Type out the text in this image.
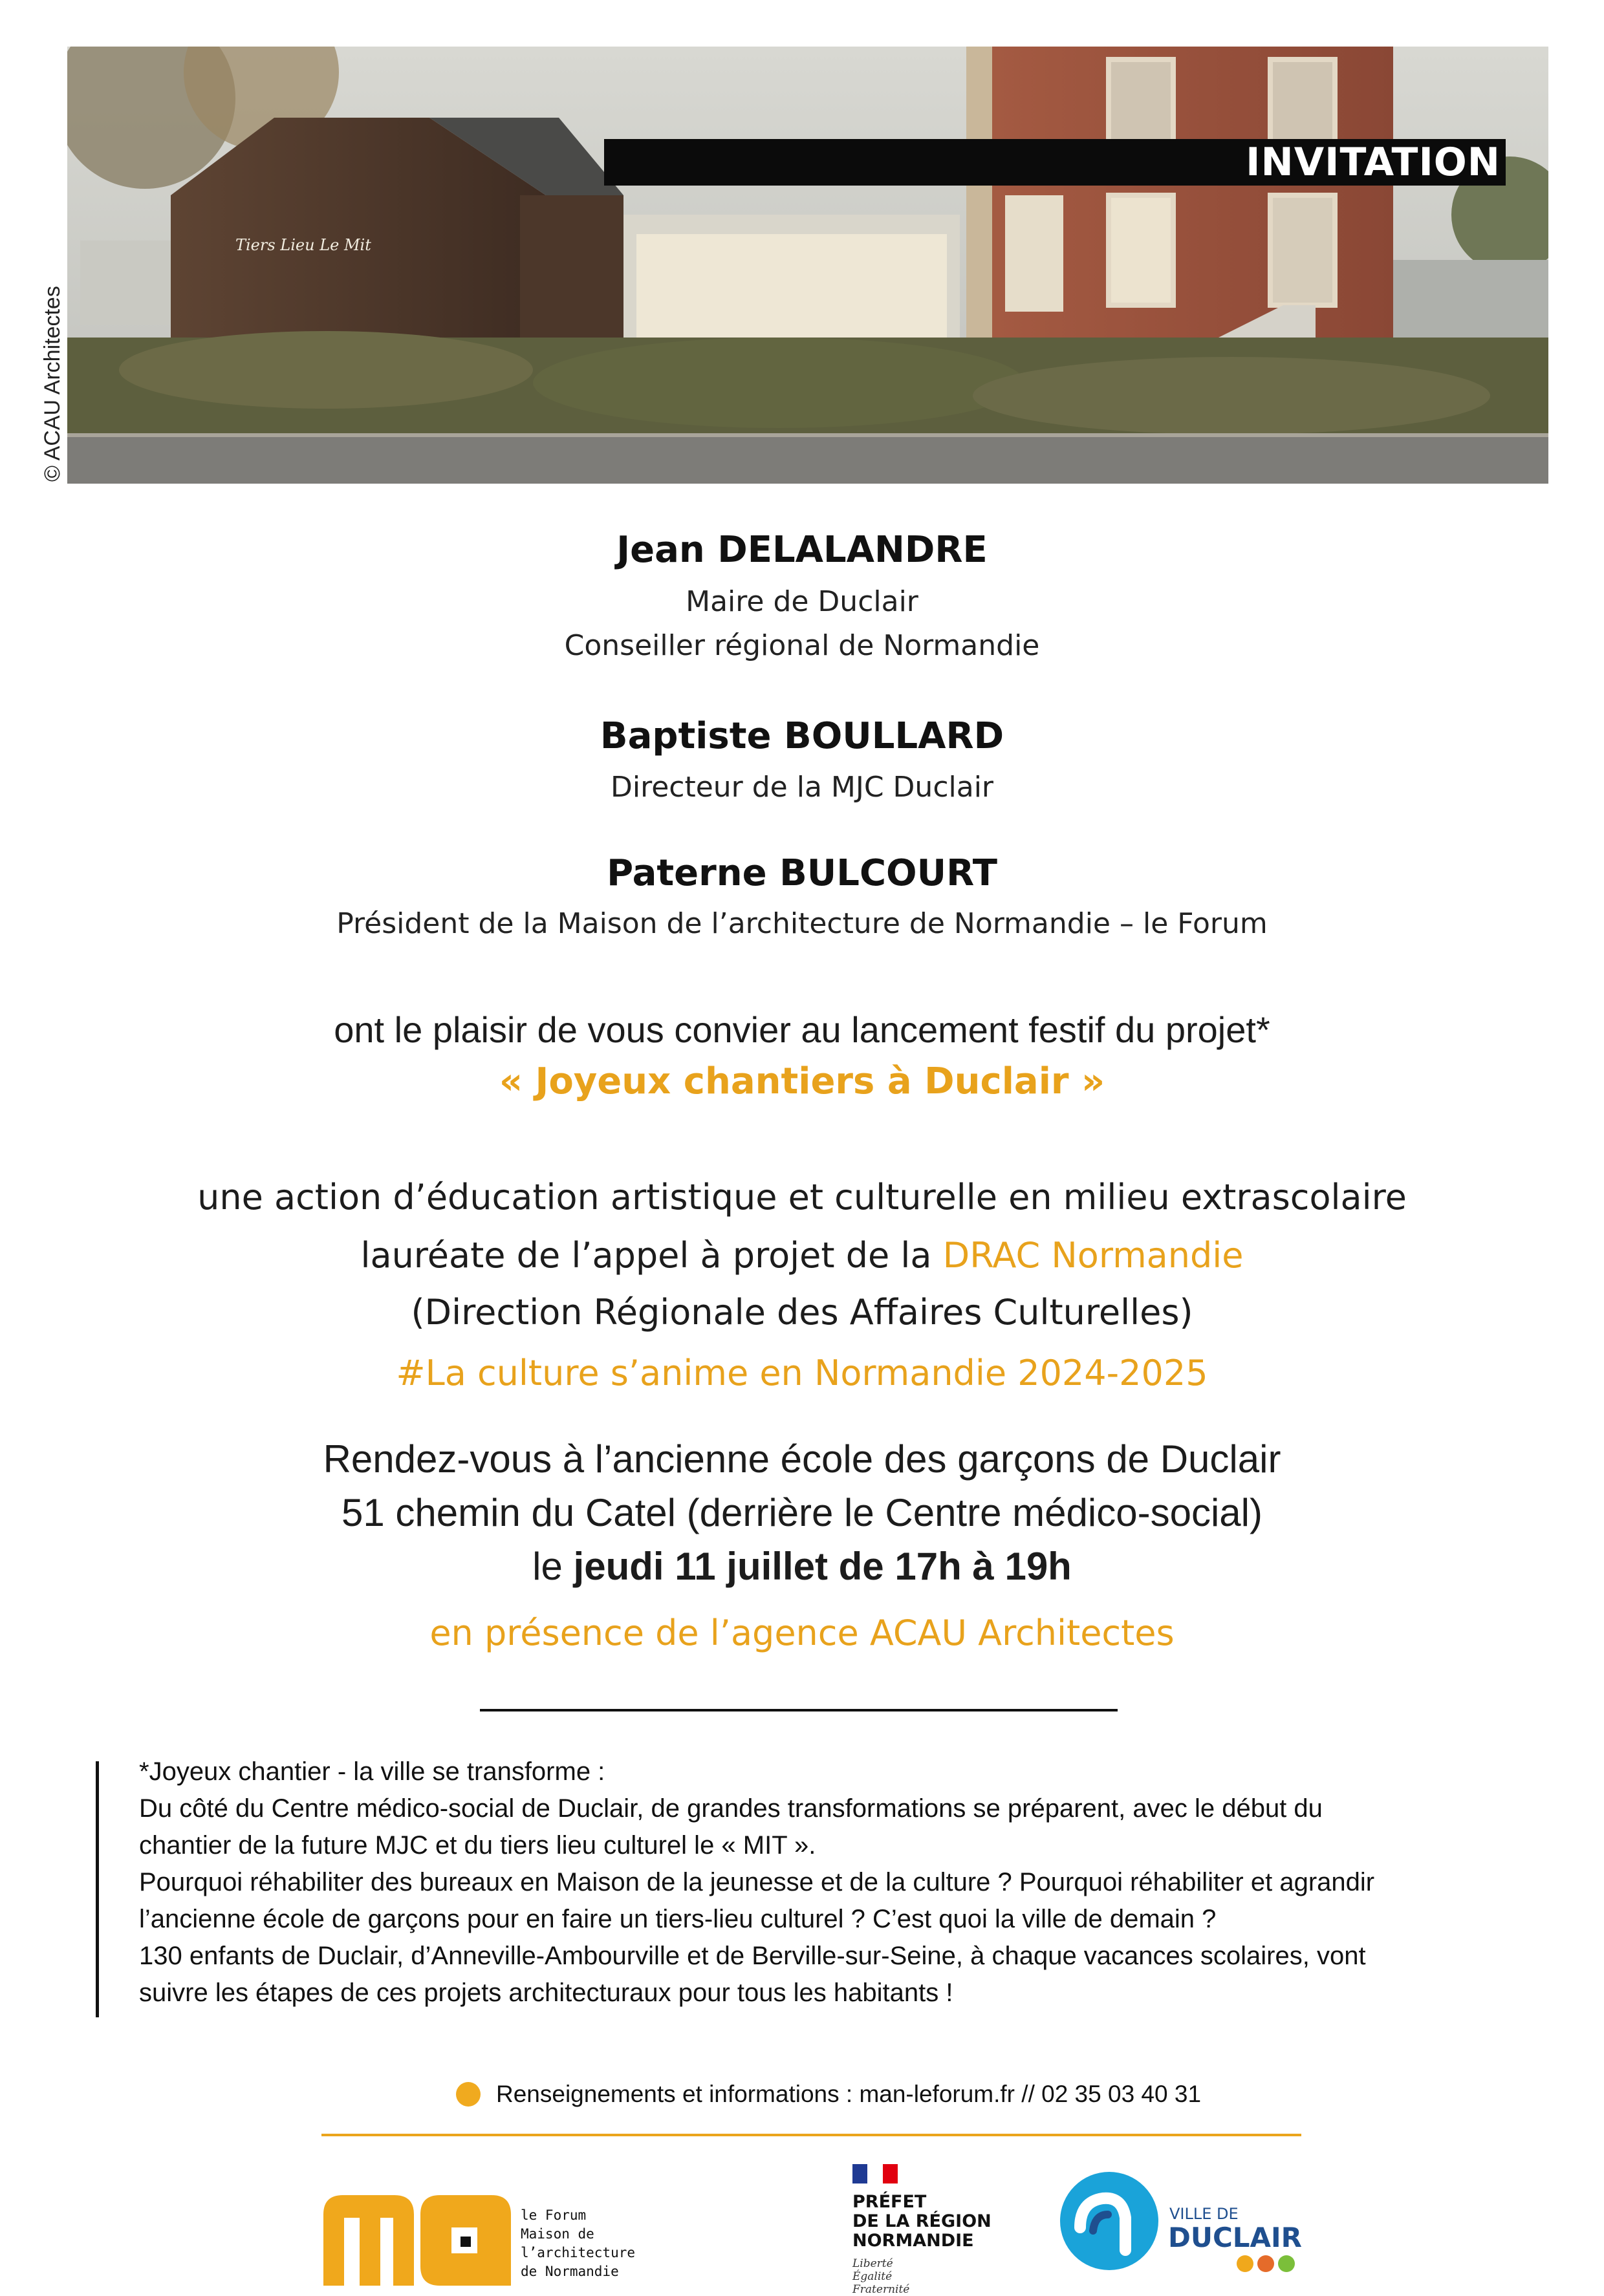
Tiers Lieu Le Mit
INVITATION
© ACAU Architectes
Jean DELALANDRE
Maire de Duclair
Conseiller régional de Normandie
Baptiste BOULLARD
Directeur de la MJC Duclair
Paterne BULCOURT
Président de la Maison de l’architecture de Normandie – le Forum
ont le plaisir de vous convier au lancement festif du projet*
« Joyeux chantiers à Duclair »
une action d’éducation artistique et culturelle en milieu extrascolaire
lauréate de l’appel à projet de la DRAC Normandie
(Direction Régionale des Affaires Culturelles)
#La culture s’anime en Normandie 2024-2025
Rendez-vous à l’ancienne école des garçons de Duclair
51 chemin du Catel (derrière le Centre médico-social)
le jeudi 11 juillet de 17h à 19h
en présence de l’agence ACAU Architectes

*Joyeux chantier - la ville se transforme :

Du côté du Centre médico-social de Duclair, de grandes transformations se préparent, avec le début du

chantier de la future MJC et du tiers lieu culturel le « MIT ».

Pourquoi réhabiliter des bureaux en Maison de la jeunesse et de la culture ? Pourquoi réhabiliter et agrandir

l’ancienne école de garçons pour en faire un tiers-lieu culturel ? C’est quoi la ville de demain ?

130 enfants de Duclair, d’Anneville-Ambourville et de Berville-sur-Seine, à chaque vacances scolaires, vont

suivre les étapes de ces projets architecturaux pour tous les habitants !

Renseignements et informations : man-leforum.fr // 02 35 03 40 31
le Forum
Maison de
l’architecture
de Normandie
PRÉFET
DE LA RÉGION
NORMANDIE
Liberté
Égalité
Fraternité
VILLE DE
DUCLAIR
